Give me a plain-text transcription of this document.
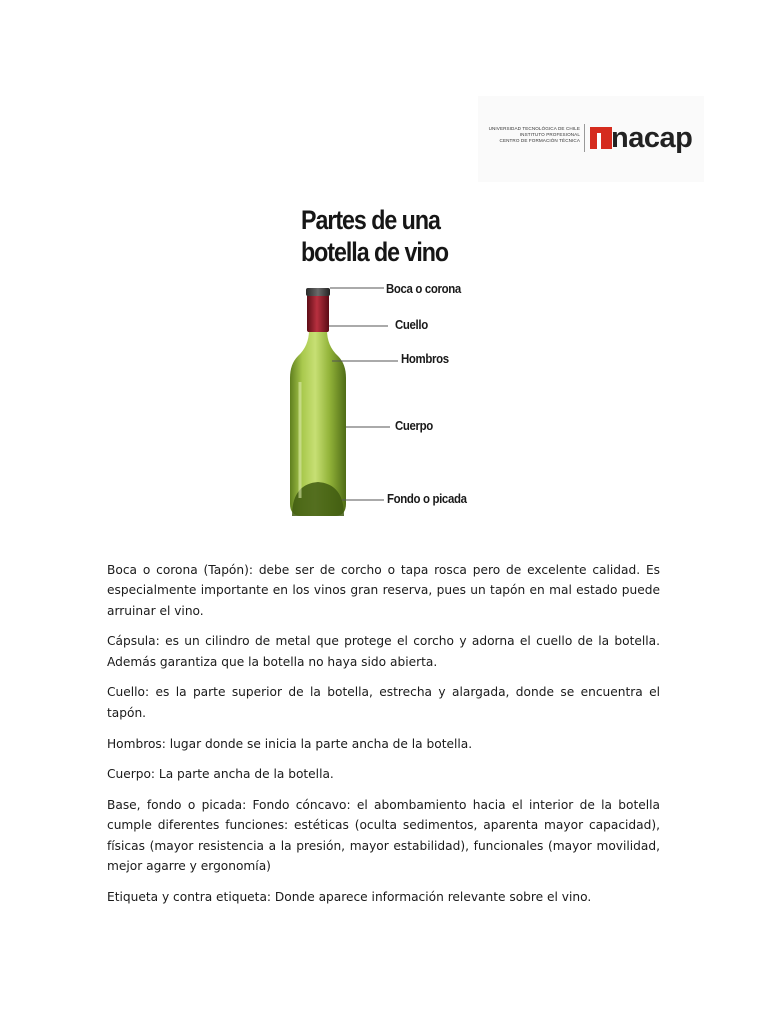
UNIVERSIDAD TECNOLÓGICA DE CHILE
INSTITUTO PROFESIONAL
CENTRO DE FORMACIÓN TÉCNICA nacap
Partes de una
botella de vino
Boca o corona
Cuello
Hombros
Cuerpo
Fondo o picada

Boca o corona (Tapón): debe ser de corcho o tapa rosca pero de excelente calidad. Es especialmente importante en los vinos gran reserva, pues un tapón en mal estado puede arruinar el vino.

Cápsula: es un cilindro de metal que protege el corcho y adorna el cuello de la botella. Además garantiza que la botella no haya sido abierta.

Cuello: es la parte superior de la botella, estrecha y alargada, donde se encuentra el tapón.

Hombros: lugar donde se inicia la parte ancha de la botella.

Cuerpo: La parte ancha de la botella.

Base, fondo o picada: Fondo cóncavo: el abombamiento hacia el interior de la botella cumple diferentes funciones: estéticas (oculta sedimentos, aparenta mayor capacidad), físicas (mayor resistencia a la presión, mayor estabilidad), funcionales (mayor movilidad, mejor agarre y ergonomía)

Etiqueta y contra etiqueta: Donde aparece información relevante sobre el vino.
